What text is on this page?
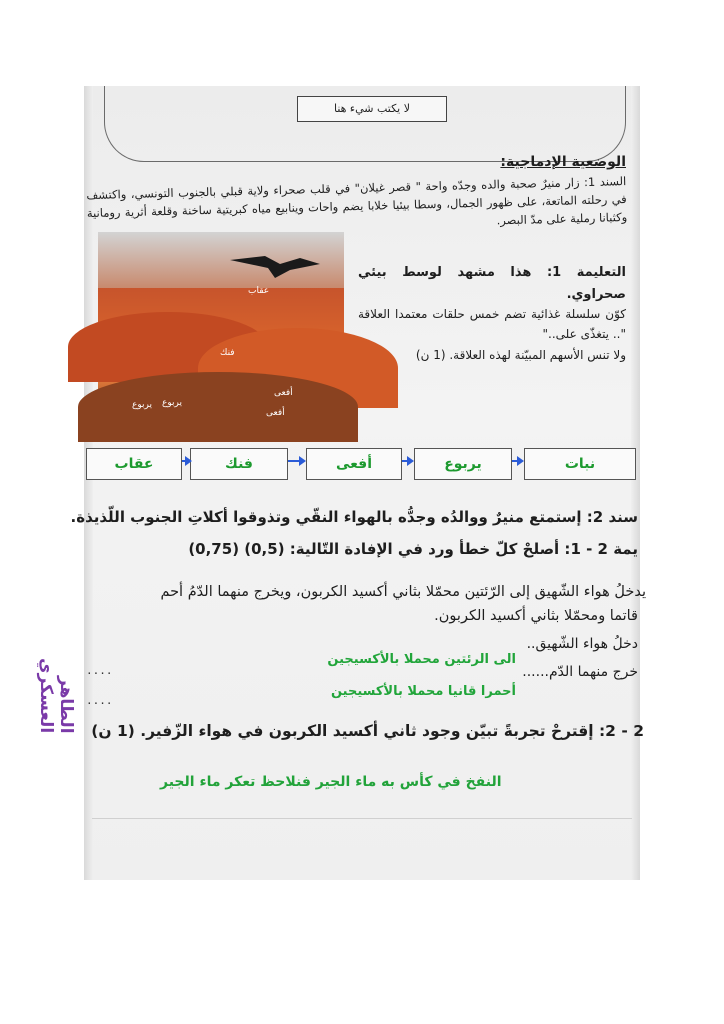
لا يكتب شيء هنا
الوضعية الإدماجية:
السند 1: زار منيرٌ صحبة والده وجدّه واحة " قصر غيلان" في قلب صحراء ولاية قبلي بالجنوب التونسي، واكتشف في رحلته الماتعة، على ظهور الجمال، وسطا بيئيا خلابا يضم واحات وينابيع مياه كبريتية ساخنة وقلعة أثرية رومانية وكثبانا رملية على مدّ البصر.
عقاب
فنك
أفعى
يربوع
يربوع
أفعى
التعليمة 1: هذا مشهد لوسط بيئي صحراوي.
كوّن سلسلة غذائية تضم خمس حلقات معتمدا العلاقة ".. يتغذّى على.."
ولا تنس الأسهم المبيّنة لهذه العلاقة. (1 ن)
نبات
يربوع
أفعى
فنك
عقاب
سند 2: إستمتع منيرٌ ووالدُه وجدُّه بالهواء النقّي وتذوقوا أكلاتِ الجنوب اللّذيذة.
يمة 2 - 1: أصلحْ كلّ خطأ ورد في الإفادة التّالية: (0,5) (0,75)
يدخلُ هواء الشّهيق إلى الرّئتين محمّلا بثاني أكسيد الكربون، ويخرج منهما الدّمُ أحم
قاتما ومحمّلا بثاني أكسيد الكربون.
دخلُ هواء الشّهيق..
الى الرئتين محملا بالأكسيجين
....	خرج منهما الدّم......
أحمرا قانيا محملا بالأكسيجين
....
2 - 2: إقترحْ تجربةً تبيّن وجود ثاني أكسيد الكربون في هواء الزّفير. (1 ن)
الطاهر
العسكري
النفخ في كأس به ماء الجير فنلاحظ تعكر ماء الجير
